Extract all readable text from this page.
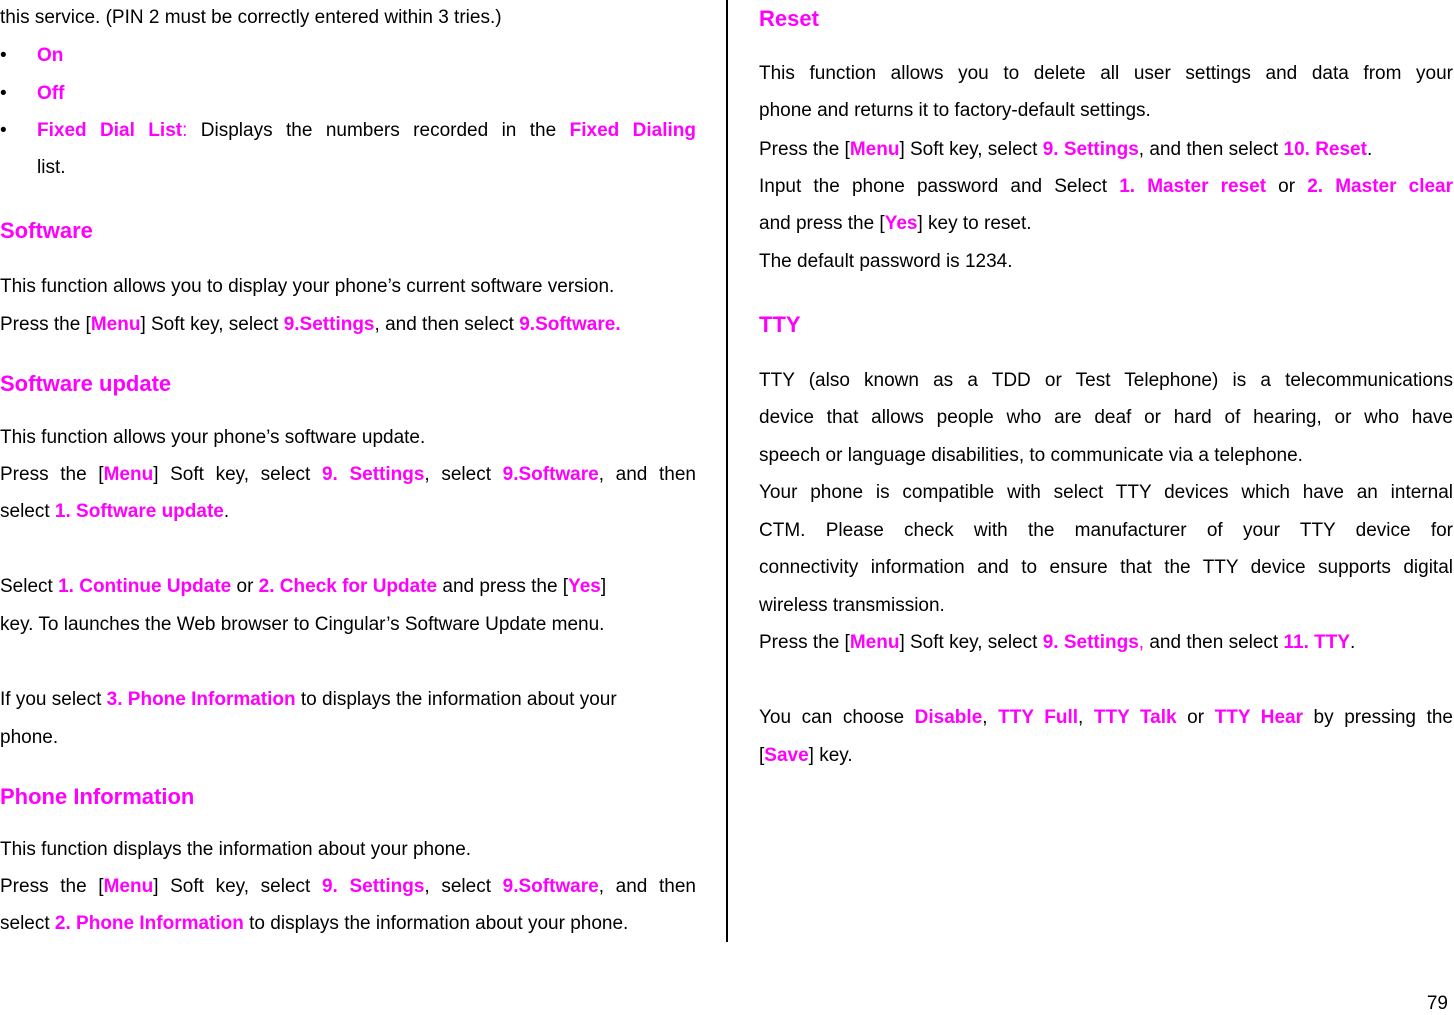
this service. (PIN 2 must be correctly entered within 3 tries.)
•	On
•	Off
•	Fixed Dial List: Displays the numbers recorded in the Fixed Dialing
list.
Software
This function allows you to display your phone’s current software version.
Press the [Menu] Soft key, select 9.Settings, and then select 9.Software.
Software update
This function allows your phone’s software update.
Press the [Menu] Soft key, select 9. Settings, select 9.Software, and then
select 1. Software update.
Select 1. Continue Update or 2. Check for Update and press the [Yes]
key. To launches the Web browser to Cingular’s Software Update menu.
If you select 3. Phone Information to displays the information about your
phone.
Phone Information
This function displays the information about your phone.
Press the [Menu] Soft key, select 9. Settings, select 9.Software, and then
select 2. Phone Information to displays the information about your phone.
Reset
This function allows you to delete all user settings and data from your
phone and returns it to factory-default settings.
Press the [Menu] Soft key, select 9. Settings, and then select 10. Reset.
Input the phone password and Select 1. Master reset or 2. Master clear
and press the [Yes] key to reset.
The default password is 1234.
TTY
TTY (also known as a TDD or Test Telephone) is a telecommunications
device that allows people who are deaf or hard of hearing, or who have
speech or language disabilities, to communicate via a telephone.
Your phone is compatible with select TTY devices which have an internal
CTM. Please check with the manufacturer of your TTY device for
connectivity information and to ensure that the TTY device supports digital
wireless transmission.
Press the [Menu] Soft key, select 9. Settings, and then select 11. TTY.
You can choose Disable, TTY Full, TTY Talk or TTY Hear by pressing the
[Save] key.
79
